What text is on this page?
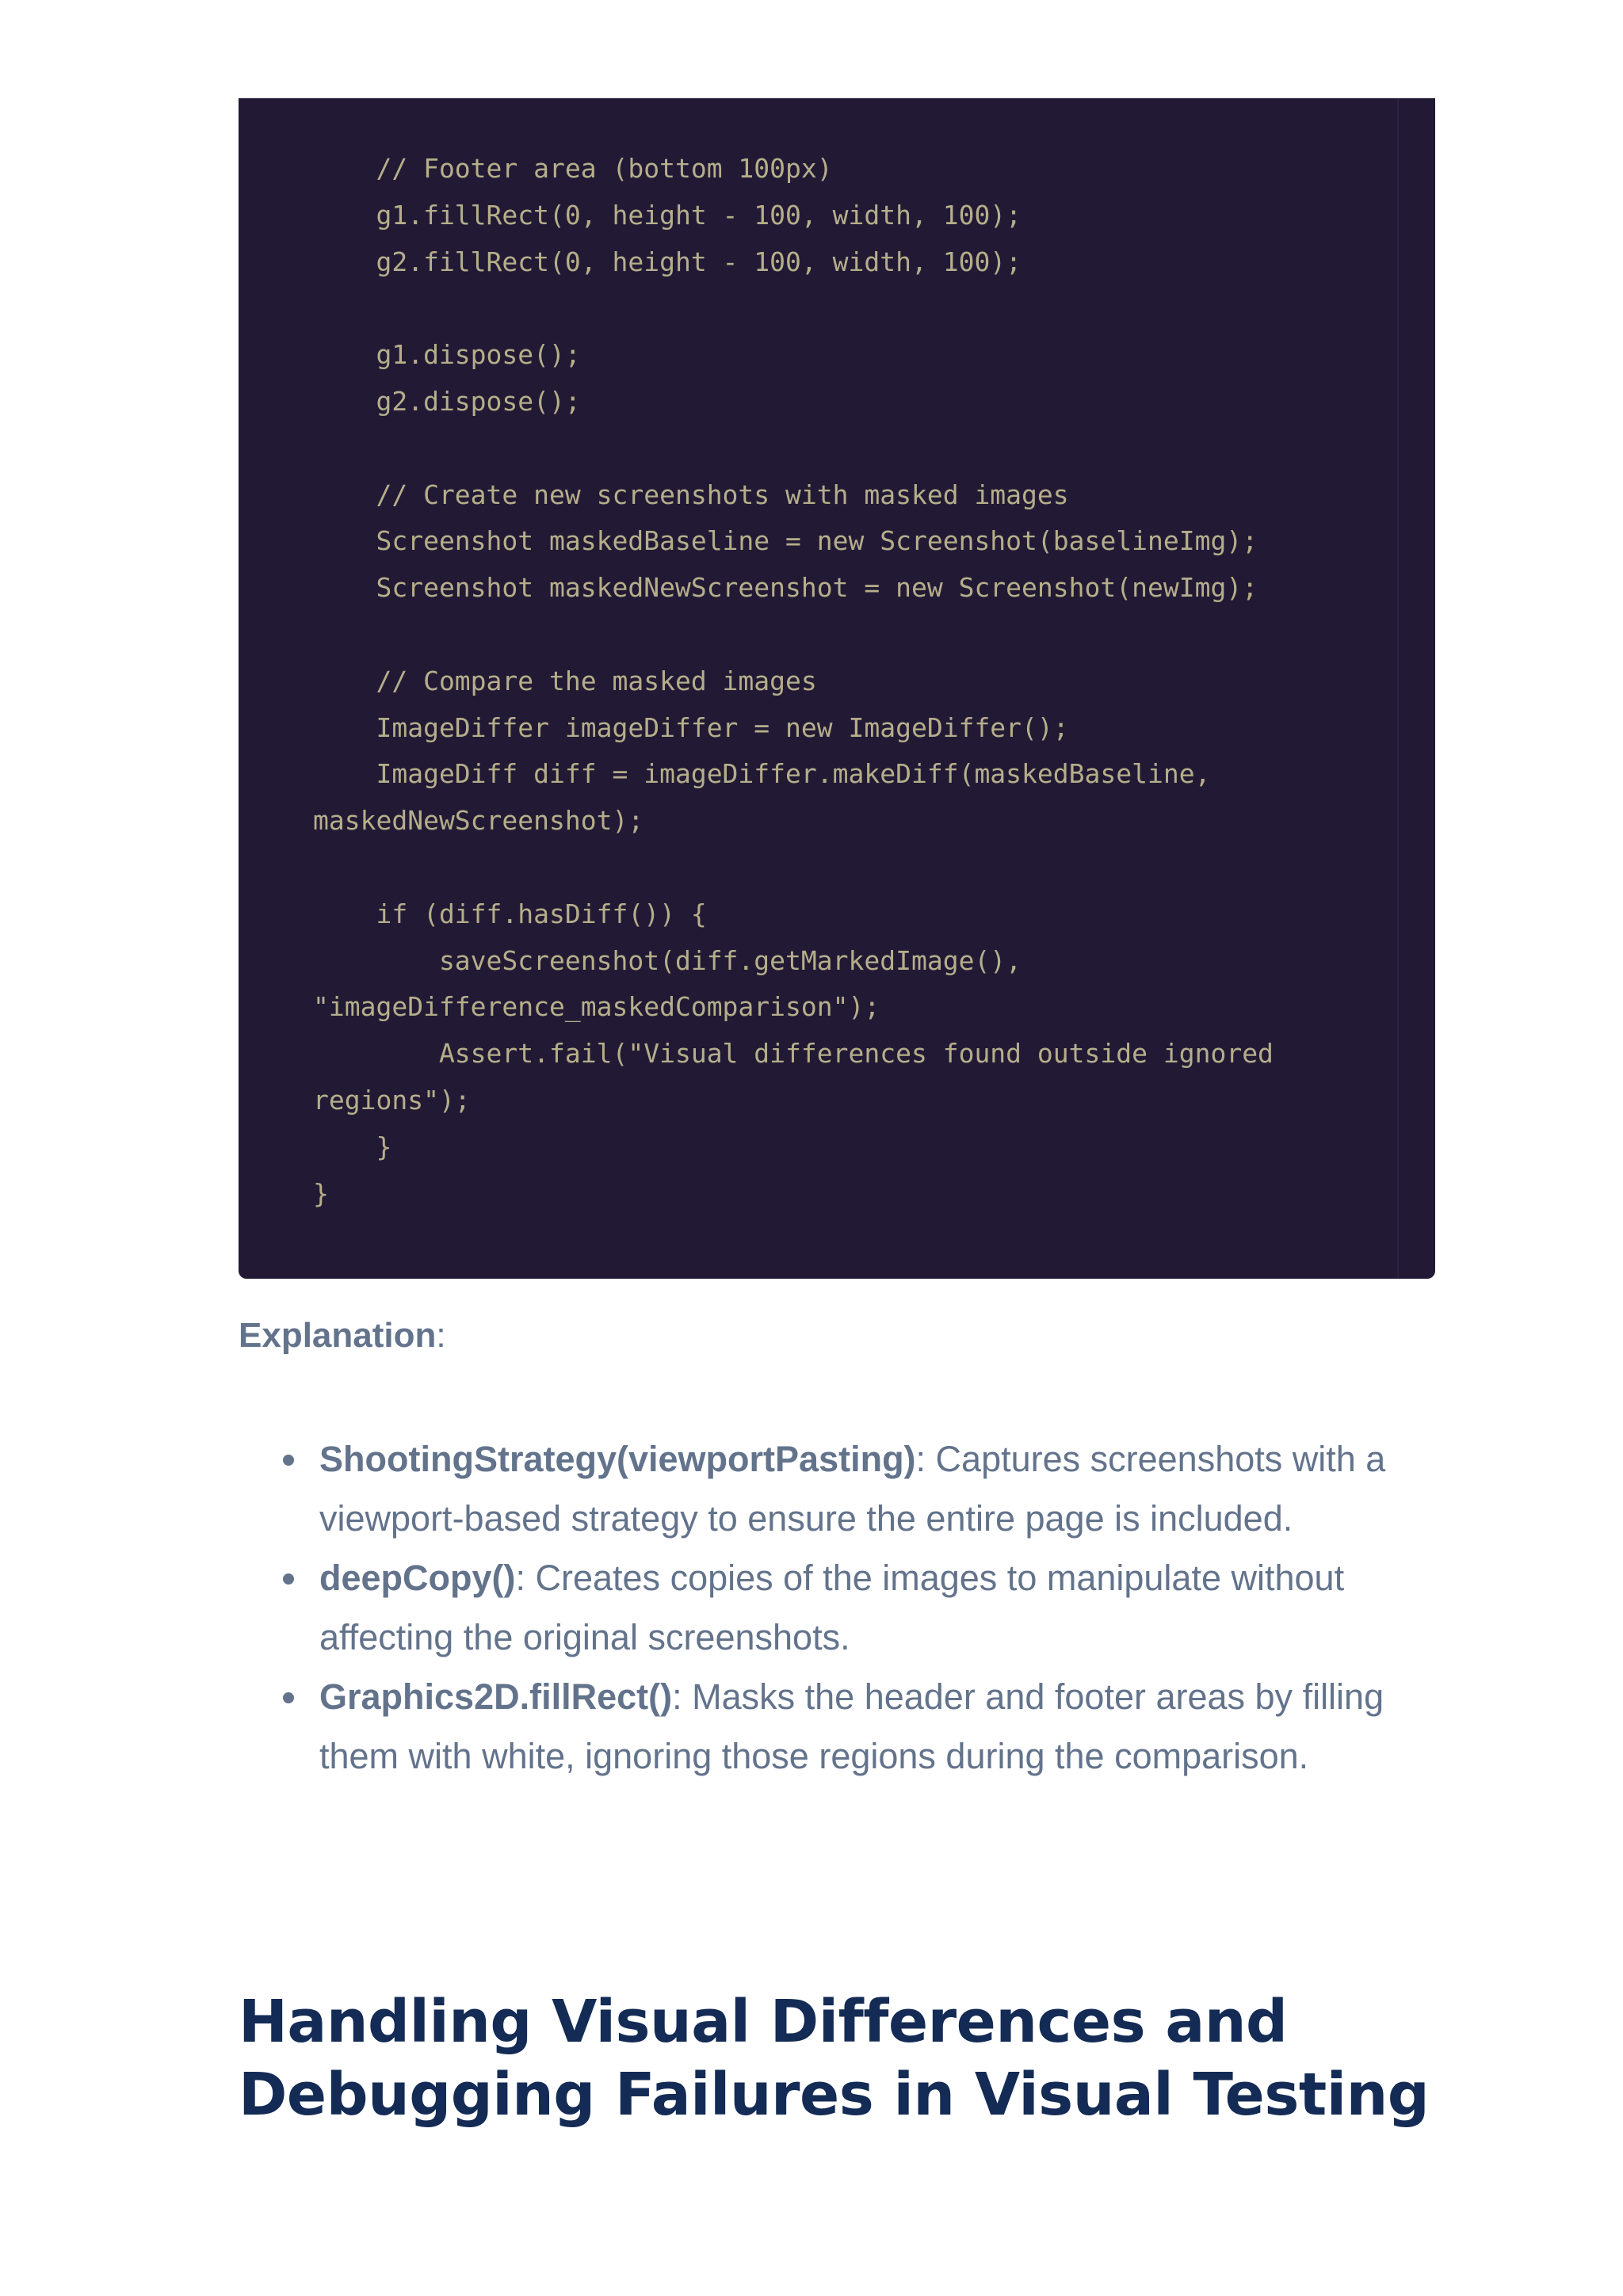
// Footer area (bottom 100px)
g1.fillRect(0, height - 100, width, 100);
g2.fillRect(0, height - 100, width, 100);

g1.dispose();
g2.dispose();

// Create new screenshots with masked images
Screenshot maskedBaseline = new Screenshot(baselineImg);
Screenshot maskedNewScreenshot = new Screenshot(newImg);

// Compare the masked images
ImageDiffer imageDiffer = new ImageDiffer();
ImageDiff diff = imageDiffer.makeDiff(maskedBaseline,
maskedNewScreenshot);

if (diff.hasDiff()) {
saveScreenshot(diff.getMarkedImage(),
"imageDifference_maskedComparison");
Assert.fail("Visual differences found outside ignored
regions");
}
}
Explanation:
ShootingStrategy(viewportPasting): Captures screenshots with a viewport-based strategy to ensure the entire page is included.
deepCopy(): Creates copies of the images to manipulate without affecting the original screenshots.
Graphics2D.fillRect(): Masks the header and footer areas by filling them with white, ignoring those regions during the comparison.
Handling Visual Differences and
Debugging Failures in Visual Testing
